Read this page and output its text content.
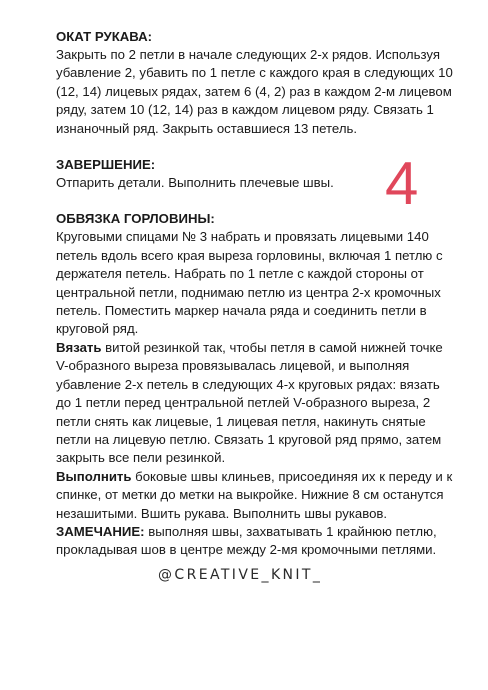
ОКАТ РУКАВА:

Закрыть по 2 петли в начале следующих 2-х рядов. Используя убавление 2, убавить по 1 петле с каждого края в следующих 10 (12, 14) лицевых рядах, затем 6 (4, 2) раз в каждом 2-м лицевом ряду, затем 10 (12, 14) раз в каждом лицевом ряду. Связать 1 изнаночный ряд. Закрыть оставшиеся 13 петель.

ЗАВЕРШЕНИЕ:

Отпарить детали. Выполнить плечевые швы.

ОБВЯЗКА ГОРЛОВИНЫ:

Круговыми спицами № 3 набрать и провязать лицевыми 140 петель вдоль всего края выреза горловины, включая 1 петлю с держателя петель. Набрать по 1 петле с каждой стороны от центральной петли, поднимаю петлю из центра 2-х кромочных петель. Поместить маркер начала ряда и соединить петли в круговой ряд.

Вязать витой резинкой так, чтобы петля в самой нижней точке V-образного выреза провязывалась лицевой, и выполняя убавление 2-х петель в следующих 4-х круговых рядах: вязать до 1 петли перед центральной петлей V-образного выреза, 2 петли снять как лицевые, 1 лицевая петля, накинуть снятые петли на лицевую петлю. Связать 1 круговой ряд прямо, затем закрыть все пели резинкой.

Выполнить боковые швы клиньев, присоединяя их к переду и к спинке, от метки до метки на выкройке. Нижние 8 см останутся незашитыми. Вшить рукава. Выполнить швы рукавов.

ЗАМЕЧАНИЕ: выполняя швы, захватывать 1 крайнюю петлю, прокладывая шов в центре между 2-мя кромочными петлями.

4
@CREATIVE_KNIT_
